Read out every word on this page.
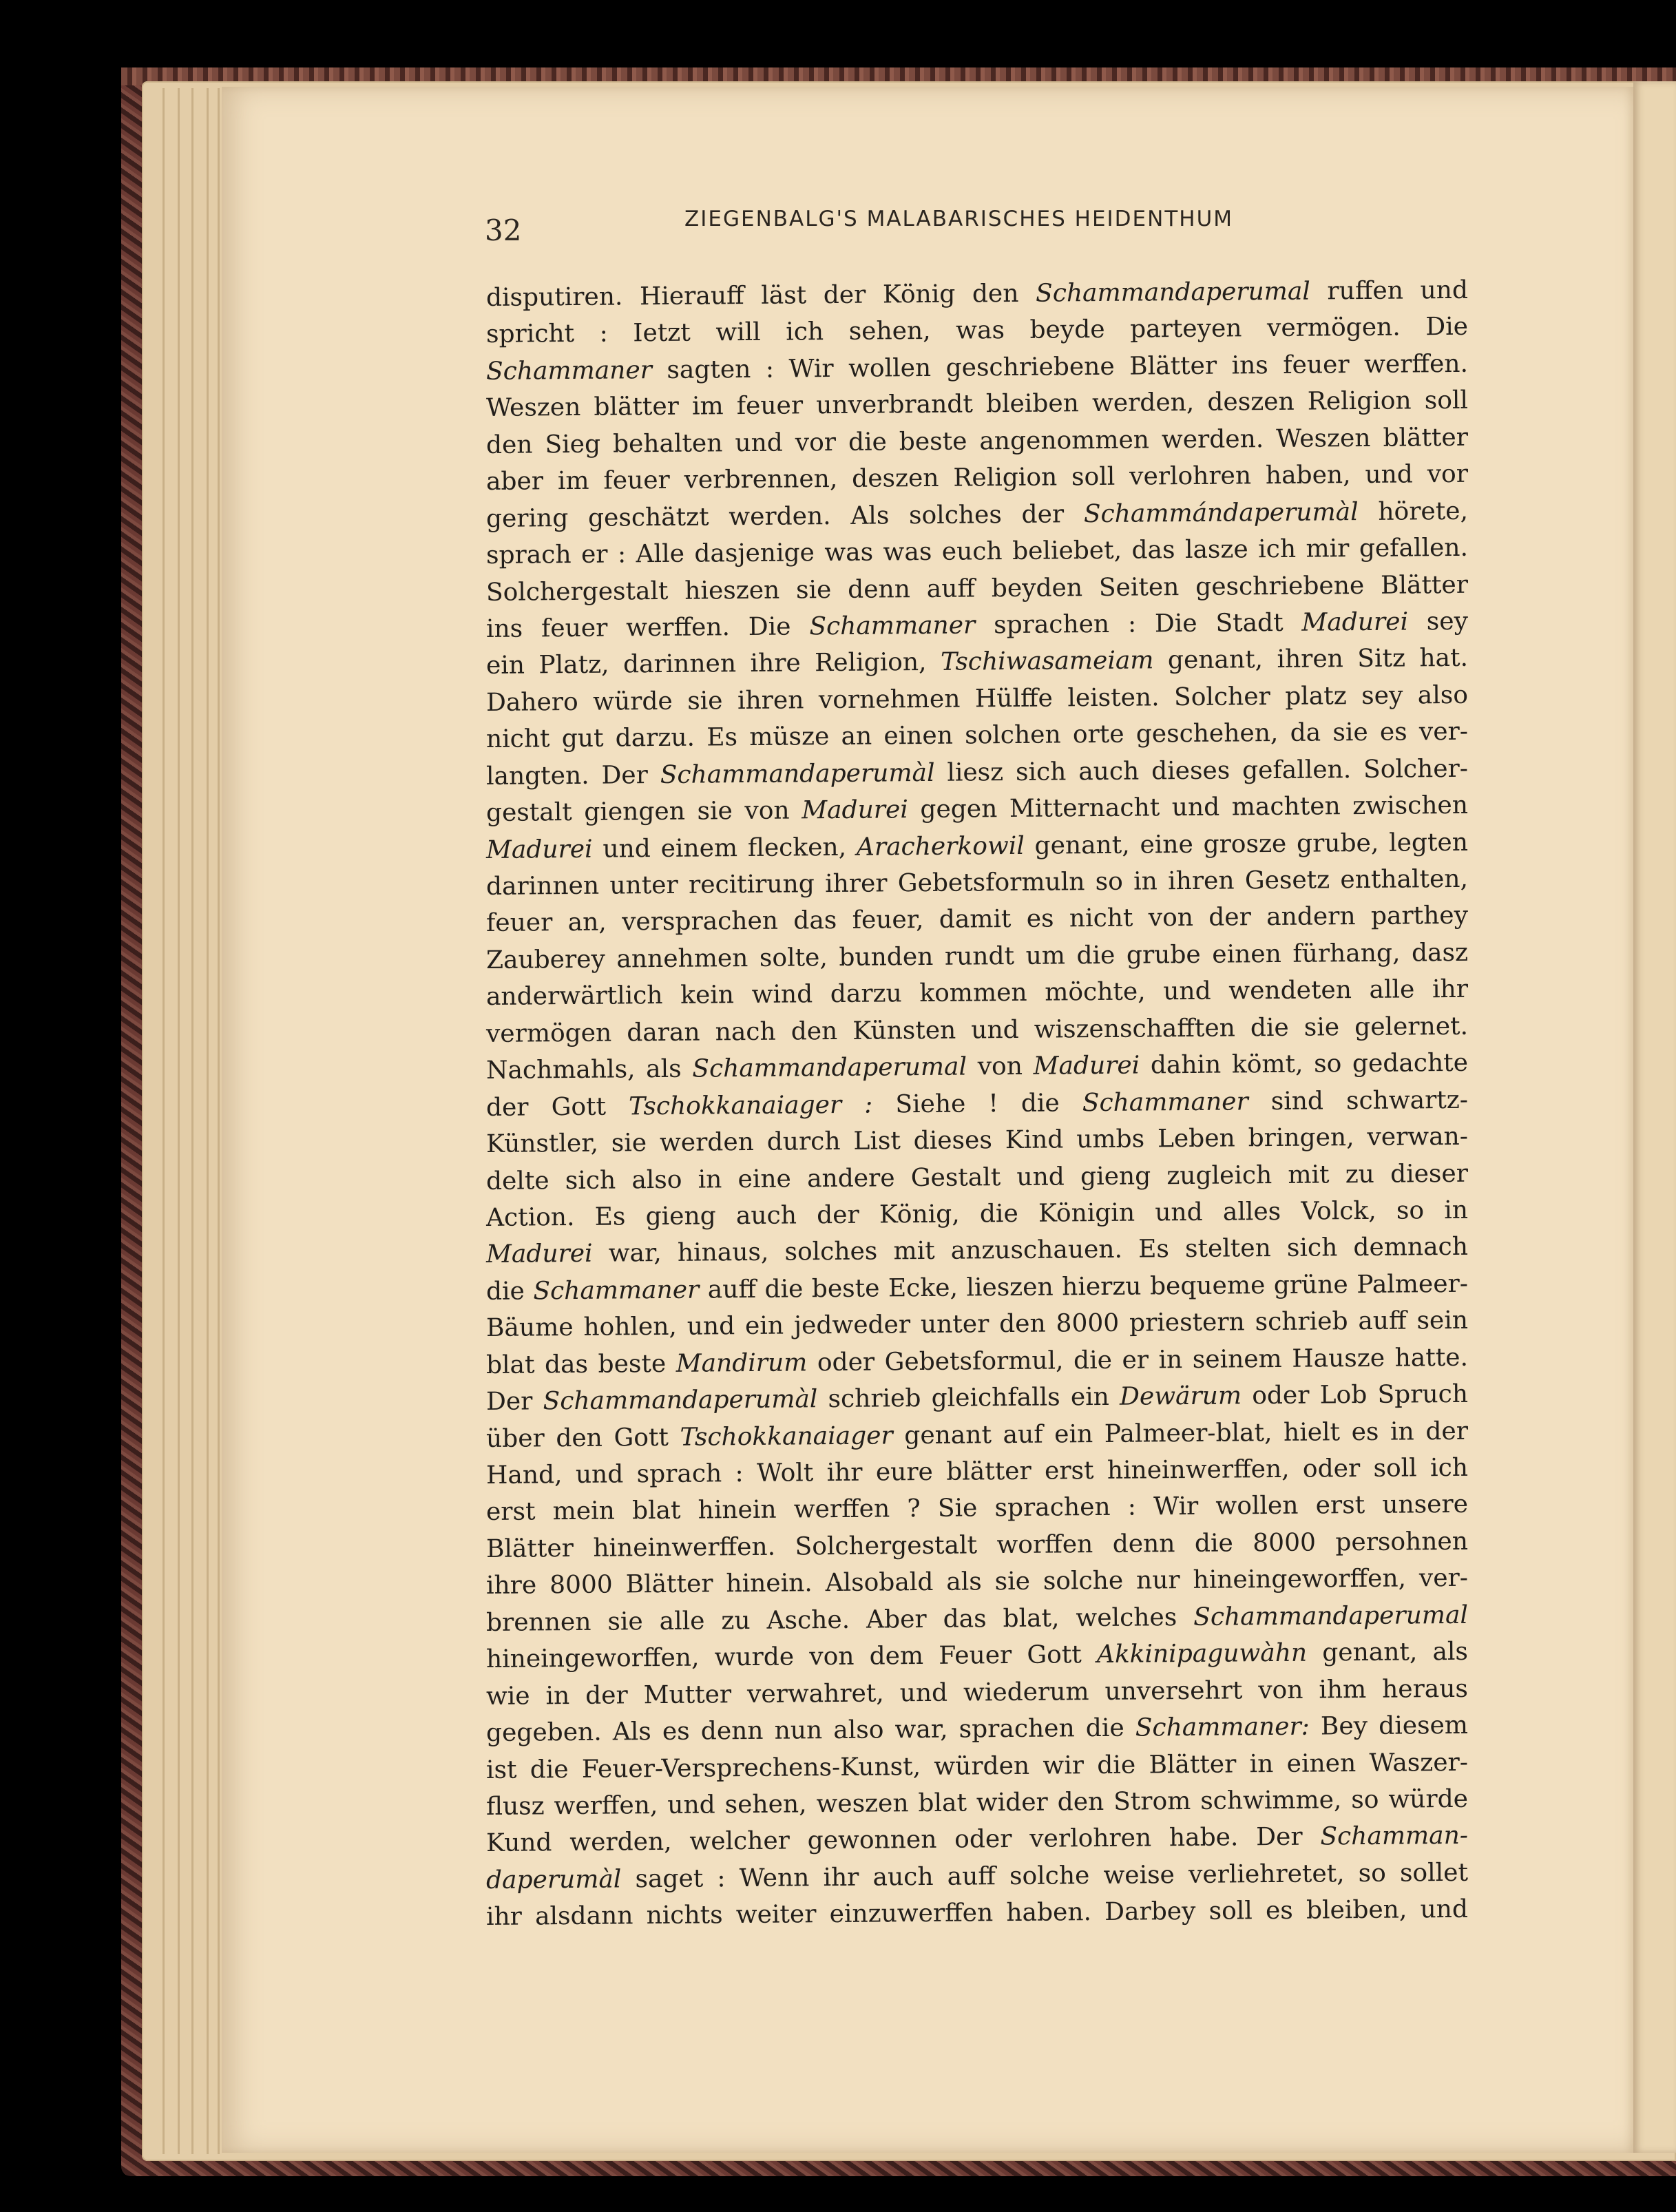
32	ZIEGENBALG'S MALABARISCHES HEIDENTHUM
disputiren. Hierauff läst der König den Schammandaperumal ruffen und
spricht : Ietzt will ich sehen, was beyde parteyen vermögen. Die
Schammaner sagten : Wir wollen geschriebene Blätter ins feuer werffen.
Weszen blätter im feuer unverbrandt bleiben werden, deszen Religion soll
den Sieg behalten und vor die beste angenommen werden. Weszen blätter
aber im feuer verbrennen, deszen Religion soll verlohren haben, und vor
gering geschätzt werden. Als solches der Schammándaperumàl hörete,
sprach er : Alle dasjenige was was euch beliebet, das lasze ich mir gefallen.
Solchergestalt hieszen sie denn auff beyden Seiten geschriebene Blätter
ins feuer werffen. Die Schammaner sprachen : Die Stadt Madurei sey
ein Platz, darinnen ihre Religion, Tschiwasameiam genant, ihren Sitz hat.
Dahero würde sie ihren vornehmen Hülffe leisten. Solcher platz sey also
nicht gut darzu. Es müsze an einen solchen orte geschehen, da sie es ver-
langten. Der Schammandaperumàl liesz sich auch dieses gefallen. Solcher-
gestalt giengen sie von Madurei gegen Mitternacht und machten zwischen
Madurei und einem flecken, Aracherkowil genant, eine grosze grube, legten
darinnen unter recitirung ihrer Gebetsformuln so in ihren Gesetz enthalten,
feuer an, versprachen das feuer, damit es nicht von der andern parthey
Zauberey annehmen solte, bunden rundt um die grube einen fürhang, dasz
anderwärtlich kein wind darzu kommen möchte, und wendeten alle ihr
vermögen daran nach den Künsten und wiszenschafften die sie gelernet.
Nachmahls, als Schammandaperumal von Madurei dahin kömt, so gedachte
der Gott Tschokkanaiager : Siehe ! die Schammaner sind schwartz-
Künstler, sie werden durch List dieses Kind umbs Leben bringen, verwan-
delte sich also in eine andere Gestalt und gieng zugleich mit zu dieser
Action. Es gieng auch der König, die Königin und alles Volck, so in
Madurei war, hinaus, solches mit anzuschauen. Es stelten sich demnach
die Schammaner auff die beste Ecke, lieszen hierzu bequeme grüne Palmeer-
Bäume hohlen, und ein jedweder unter den 8000 priestern schrieb auff sein
blat das beste Mandirum oder Gebetsformul, die er in seinem Hausze hatte.
Der Schammandaperumàl schrieb gleichfalls ein Dewärum oder Lob Spruch
über den Gott Tschokkanaiager genant auf ein Palmeer-blat, hielt es in der
Hand, und sprach : Wolt ihr eure blätter erst hineinwerffen, oder soll ich
erst mein blat hinein werffen ? Sie sprachen : Wir wollen erst unsere
Blätter hineinwerffen. Solchergestalt worffen denn die 8000 persohnen
ihre 8000 Blätter hinein. Alsobald als sie solche nur hineingeworffen, ver-
brennen sie alle zu Asche. Aber das blat, welches Schammandaperumal
hineingeworffen, wurde von dem Feuer Gott Akkinipaguwàhn genant, als
wie in der Mutter verwahret, und wiederum unversehrt von ihm heraus
gegeben. Als es denn nun also war, sprachen die Schammaner: Bey diesem
ist die Feuer-Versprechens-Kunst, würden wir die Blätter in einen Waszer-
flusz werffen, und sehen, weszen blat wider den Strom schwimme, so würde
Kund werden, welcher gewonnen oder verlohren habe. Der Schamman-
daperumàl saget : Wenn ihr auch auff solche weise verliehretet, so sollet
ihr alsdann nichts weiter einzuwerffen haben. Darbey soll es bleiben, und
